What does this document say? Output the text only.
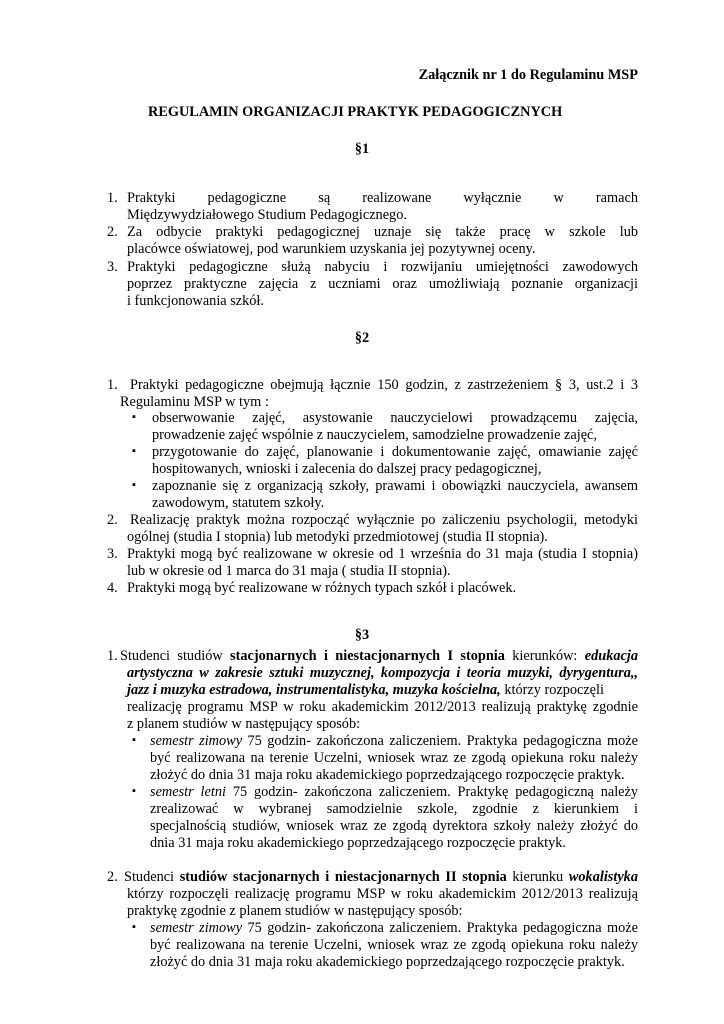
Załącznik nr 1 do Regulaminu MSP
REGULAMIN ORGANIZACJI PRAKTYK PEDAGOGICZNYCH
§1
1. Praktyki pedagogiczne są realizowane wyłącznie w ramach
Międzywydziałowego Studium Pedagogicznego.
2. Za odbycie praktyki pedagogicznej uznaje się także pracę w szkole lub
placówce oświatowej, pod warunkiem uzyskania jej pozytywnej oceny.
3. Praktyki pedagogiczne służą nabyciu i rozwijaniu umiejętności zawodowych
poprzez praktyczne zajęcia z uczniami oraz umożliwiają poznanie organizacji
i funkcjonowania szkół.
§2
1. Praktyki pedagogiczne obejmują łącznie 150 godzin, z zastrzeżeniem § 3, ust.2 i 3
Regulaminu MSP w tym :
▪ obserwowanie zajęć, asystowanie nauczycielowi prowadzącemu zajęcia,
prowadzenie zajęć wspólnie z nauczycielem, samodzielne prowadzenie zajęć,
▪ przygotowanie do zajęć, planowanie i dokumentowanie zajęć, omawianie zajęć
hospitowanych, wnioski i zalecenia do dalszej pracy pedagogicznej,
▪ zapoznanie się z organizacją szkoły, prawami i obowiązki nauczyciela, awansem
zawodowym, statutem szkoły.
2. Realizację praktyk można rozpocząć wyłącznie po zaliczeniu psychologii, metodyki
ogólnej (studia I stopnia) lub metodyki przedmiotowej (studia II stopnia).
3. Praktyki mogą być realizowane w okresie od 1 września do 31 maja (studia I stopnia)
lub w okresie od 1 marca do 31 maja ( studia II stopnia).
4. Praktyki mogą być realizowane w różnych typach szkół i placówek.
§3
1. Studenci studiów stacjonarnych i niestacjonarnych I stopnia kierunków: edukacja
artystyczna w zakresie sztuki muzycznej, kompozycja i teoria muzyki, dyrygentura,,
jazz i muzyka estradowa, instrumentalistyka, muzyka kościelna, którzy rozpoczęli
realizację programu MSP w roku akademickim 2012/2013 realizują praktykę zgodnie
z planem studiów w następujący sposób:
▪ semestr zimowy 75 godzin- zakończona zaliczeniem. Praktyka pedagogiczna może
być realizowana na terenie Uczelni, wniosek wraz ze zgodą opiekuna roku należy
złożyć do dnia 31 maja roku akademickiego poprzedzającego rozpoczęcie praktyk.
▪ semestr letni 75 godzin- zakończona zaliczeniem. Praktykę pedagogiczną należy
zrealizować w wybranej samodzielnie szkole, zgodnie z kierunkiem i
specjalnością studiów, wniosek wraz ze zgodą dyrektora szkoły należy złożyć do
dnia 31 maja roku akademickiego poprzedzającego rozpoczęcie praktyk.
2. Studenci studiów stacjonarnych i niestacjonarnych II stopnia kierunku wokalistyka
którzy rozpoczęli realizację programu MSP w roku akademickim 2012/2013 realizują
praktykę zgodnie z planem studiów w następujący sposób:
▪ semestr zimowy 75 godzin- zakończona zaliczeniem. Praktyka pedagogiczna może
być realizowana na terenie Uczelni, wniosek wraz ze zgodą opiekuna roku należy
złożyć do dnia 31 maja roku akademickiego poprzedzającego rozpoczęcie praktyk.
